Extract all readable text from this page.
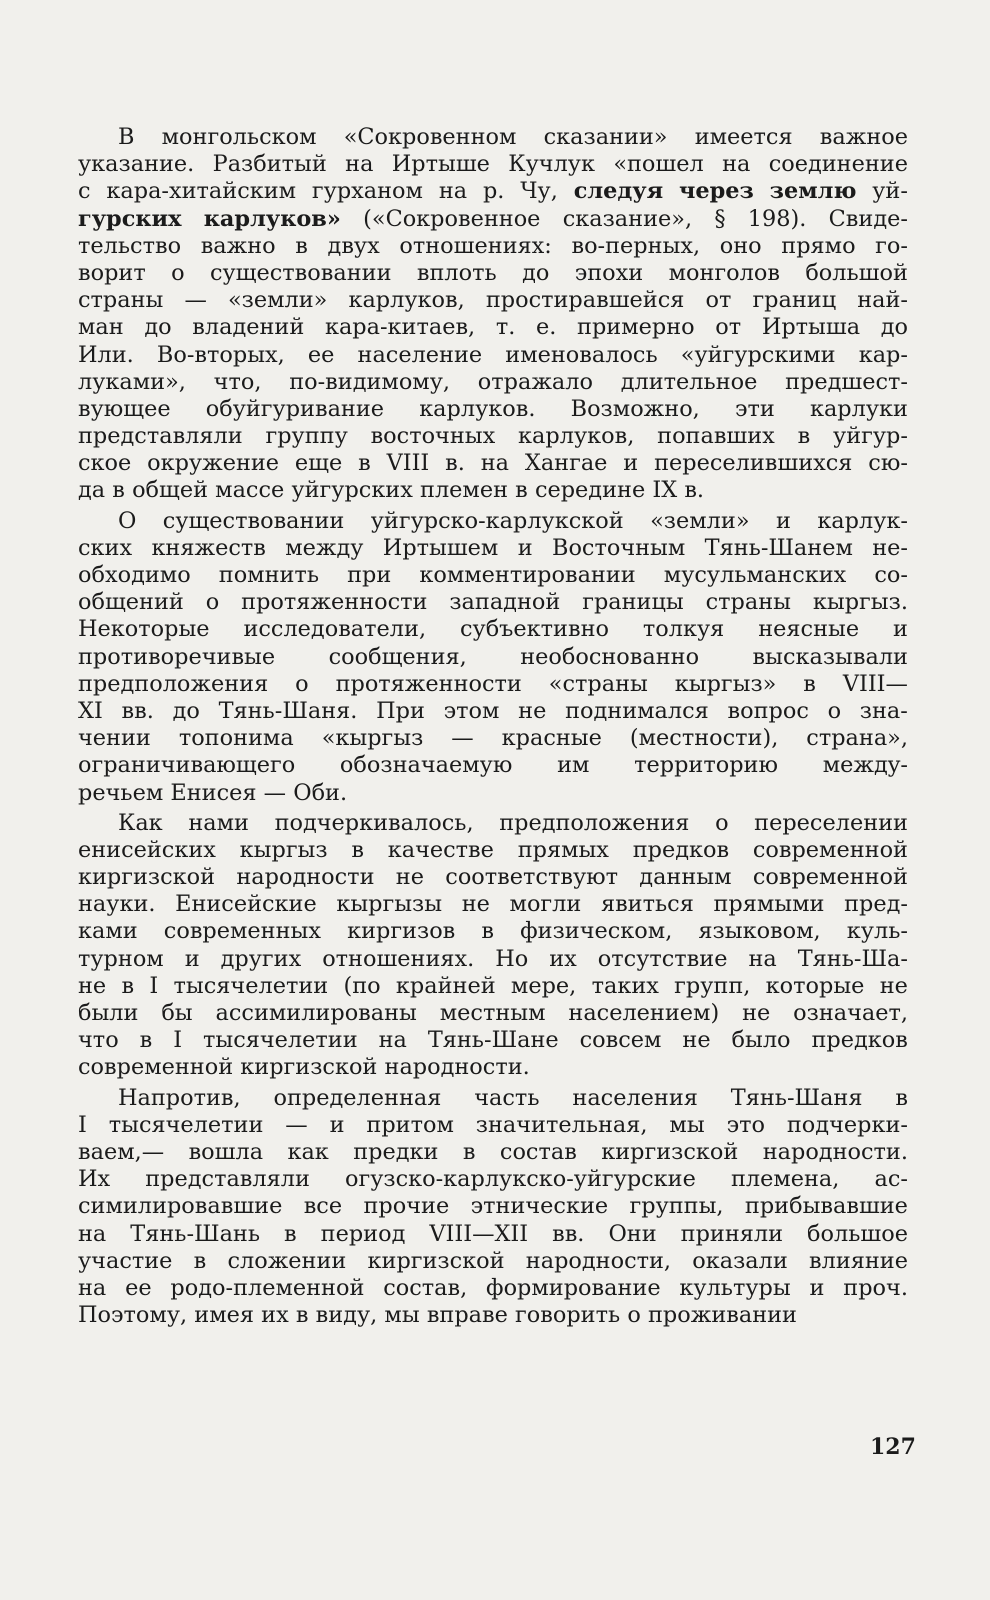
В монгольском «Сокровенном сказании» имеется важное
указание. Разбитый на Иртыше Кучлук «пошел на соединение
с кара-хитайским гурханом на р. Чу, следуя через землю уй-
гурских карлуков» («Сокровенное сказание», § 198). Свиде-
тельство важно в двух отношениях: во-перных, оно прямо го-
ворит о существовании вплоть до эпохи монголов большой
страны — «земли» карлуков, простиравшейся от границ най-
ман до владений кара-китаев, т. е. примерно от Иртыша до
Или. Во-вторых, ее население именовалось «уйгурскими кар-
луками», что, по-видимому, отражало длительное предшест-
вующее обуйгуривание карлуков. Возможно, эти карлуки
представляли группу восточных карлуков, попавших в уйгур-
ское окружение еще в VIII в. на Хангае и переселившихся сю-
да в общей массе уйгурских племен в середине IX в.
О существовании уйгурско-карлукской «земли» и карлук-
ских княжеств между Иртышем и Восточным Тянь-Шанем не-
обходимо помнить при комментировании мусульманских со-
общений о протяженности западной границы страны кыргыз.
Некоторые исследователи, субъективно толкуя неясные и
противоречивые сообщения, необоснованно высказывали
предположения о протяженности «страны кыргыз» в VIII—
XI вв. до Тянь-Шаня. При этом не поднимался вопрос о зна-
чении топонима «кыргыз — красные (местности), страна»,
ограничивающего обозначаемую им территорию междy-
речьем Енисея — Оби.
Как нами подчеркивалось, предположения о переселении
енисейских кыргыз в качестве прямых предков современной
киргизской народности не соответствуют данным современной
науки. Енисейские кыргызы не могли явиться прямыми пред-
ками современных киргизов в физическом, языковом, куль-
турном и других отношениях. Но их отсутствие на Тянь-Ша-
не в I тысячелетии (по крайней мере, таких групп, которые не
были бы ассимилированы местным населением) не означает,
что в I тысячелетии на Тянь-Шане совсем не было предков
современной киргизской народности.
Напротив, определенная часть населения Тянь-Шаня в
I тысячелетии — и притом значительная, мы это подчерки-
ваем,— вошла как предки в состав киргизской народности.
Их представляли огузско-карлукско-уйгурские племена, ас-
симилировавшие все прочие этнические группы, прибывавшие
на Тянь-Шань в период VIII—XII вв. Они приняли большое
участие в сложении киргизской народности, оказали влияние
на ее родо-племенной состав, формирование культуры и проч.
Поэтому, имея их в виду, мы вправе говорить о проживании
127
